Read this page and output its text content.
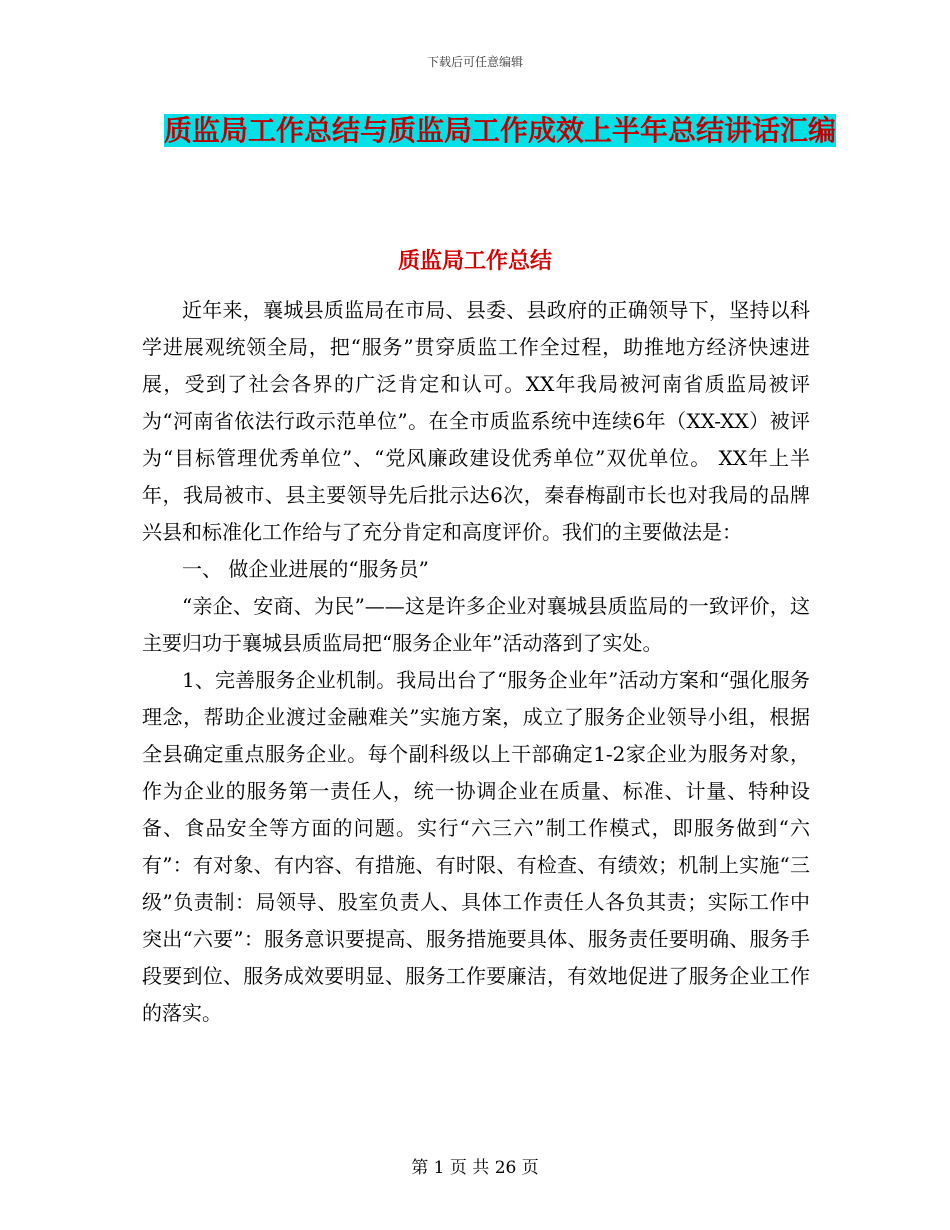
下载后可任意编辑
质监局工作总结与质监局工作成效上半年总结讲话汇编
质监局工作总结

近年来，襄城县质监局在市局、县委、县政府的正确领导下，坚持以科学进展观统领全局，把“服务”贯穿质监工作全过程，助推地方经济快速进展，受到了社会各界的广泛肯定和认可。XX年我局被河南省质监局被评为“河南省依法行政示范单位”。在全市质监系统中连续6年（XX-XX）被评为“目标管理优秀单位”、“党风廉政建设优秀单位”双优单位。 XX年上半年，我局被市、县主要领导先后批示达6次，秦春梅副市长也对我局的品牌兴县和标准化工作给与了充分肯定和高度评价。我们的主要做法是：

一、 做企业进展的“服务员”

“亲企、安商、为民”——这是许多企业对襄城县质监局的一致评价，这主要归功于襄城县质监局把“服务企业年”活动落到了实处。

1、完善服务企业机制。我局出台了“服务企业年”活动方案和“强化服务理念，帮助企业渡过金融难关”实施方案，成立了服务企业领导小组，根据全县确定重点服务企业。每个副科级以上干部确定1-2家企业为服务对象，作为企业的服务第一责任人，统一协调企业在质量、标准、计量、特种设备、食品安全等方面的问题。实行“六三六”制工作模式，即服务做到“六有”：有对象、有内容、有措施、有时限、有检查、有绩效；机制上实施“三级”负责制：局领导、股室负责人、具体工作责任人各负其责；实际工作中突出“六要”：服务意识要提高、服务措施要具体、服务责任要明确、服务手段要到位、服务成效要明显、服务工作要廉洁，有效地促进了服务企业工作的落实。

第 1 页 共 26 页
